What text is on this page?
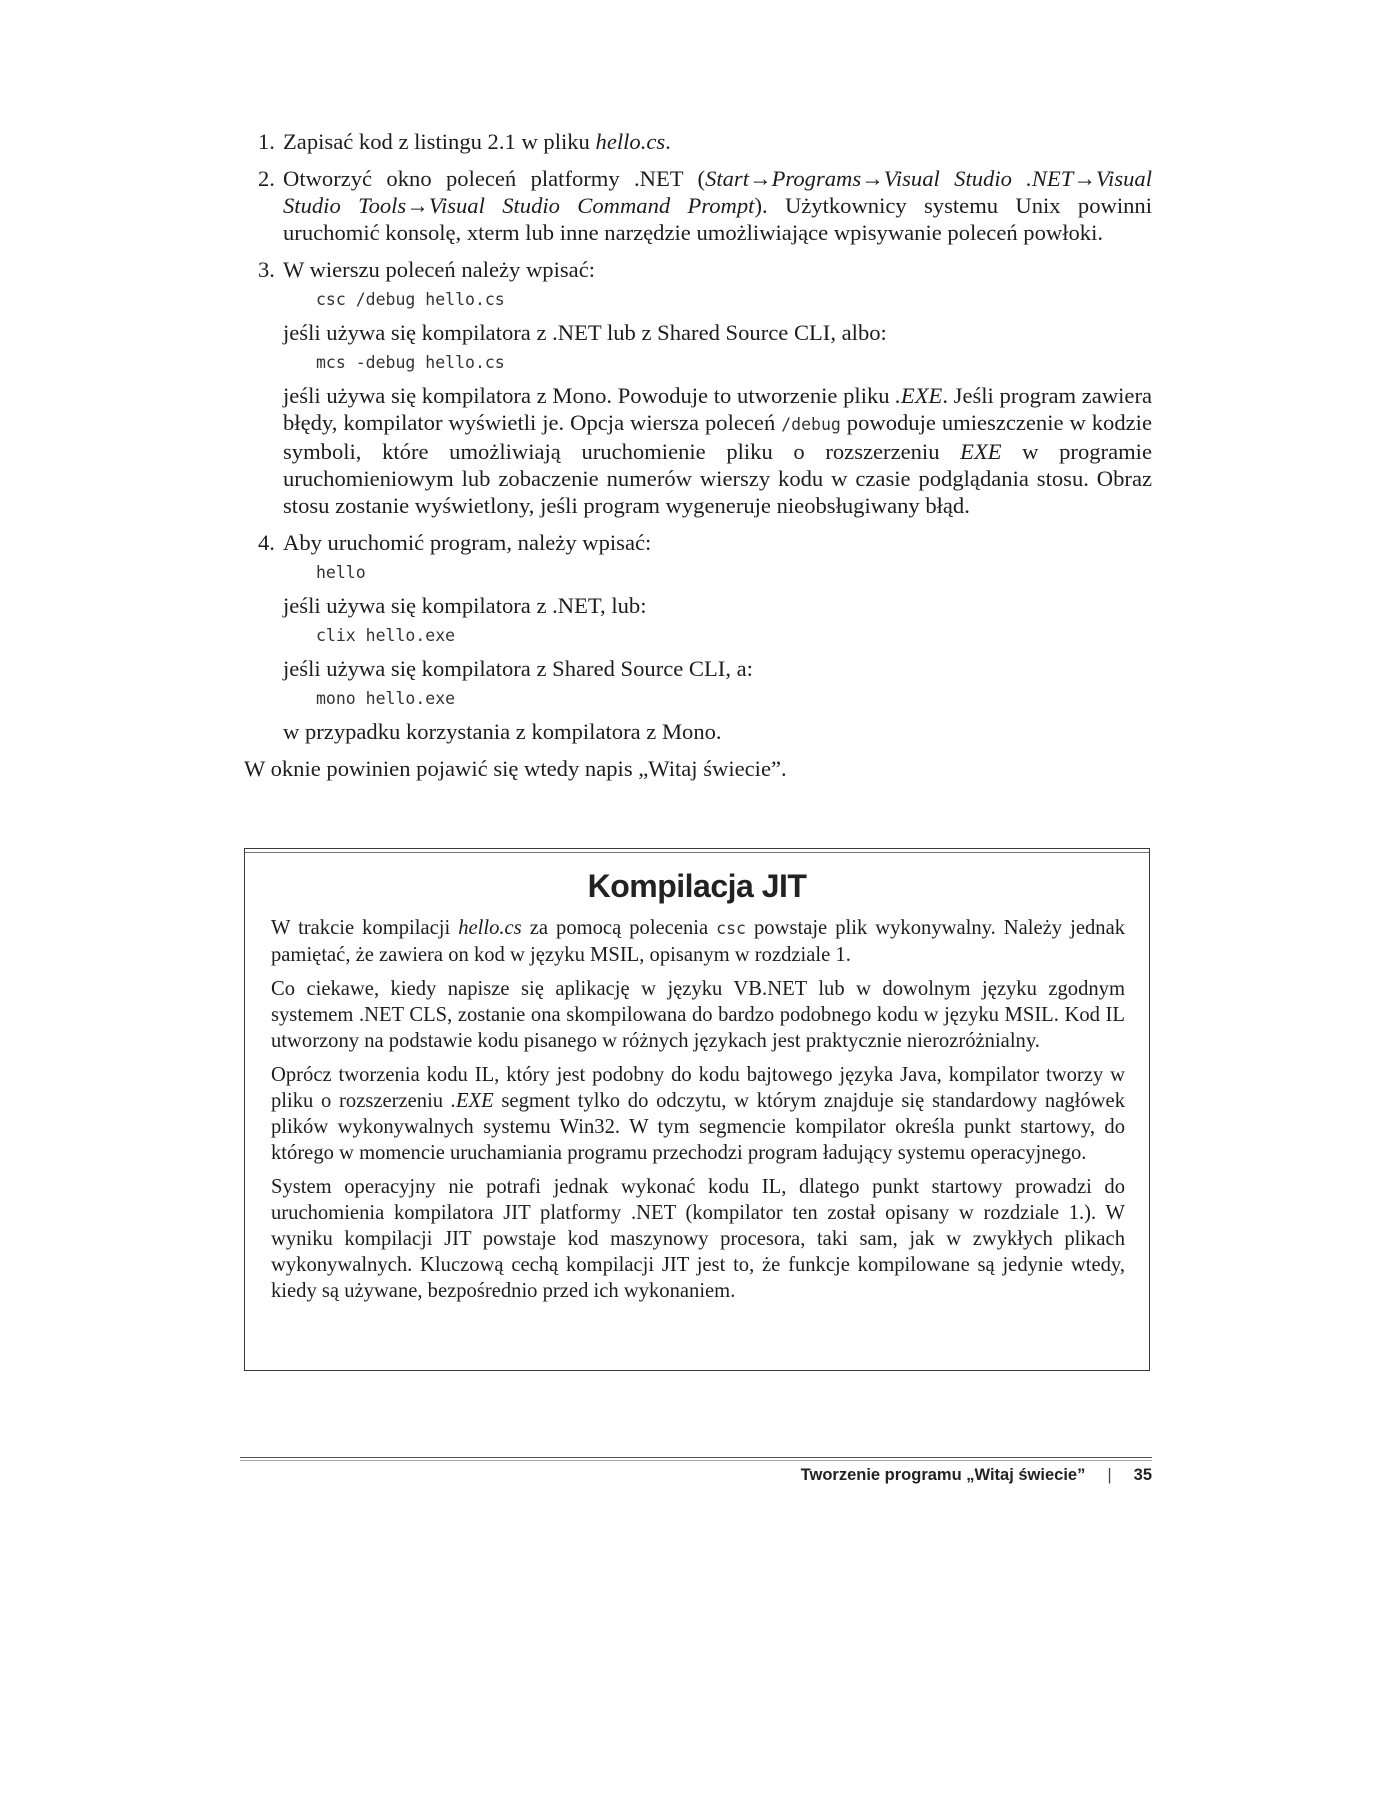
1. Zapisać kod z listingu 2.1 w pliku hello.cs.

2. Otworzyć okno poleceń platformy .NET (Start→Programs→Visual Studio .NET→Visual Studio Tools→Visual Studio Command Prompt). Użytkownicy systemu Unix powinni uruchomić konsolę, xterm lub inne narzędzie umożliwiające wpisywanie poleceń powłoki.

3. W wierszu poleceń należy wpisać:

csc /debug hello.cs

jeśli używa się kompilatora z .NET lub z Shared Source CLI, albo:

mcs -debug hello.cs

jeśli używa się kompilatora z Mono. Powoduje to utworzenie pliku .EXE. Jeśli program zawiera błędy, kompilator wyświetli je. Opcja wiersza poleceń /debug powoduje umieszczenie w kodzie symboli, które umożliwiają uruchomienie pliku o rozszerzeniu EXE w programie uruchomieniowym lub zobaczenie numerów wierszy kodu w czasie podglądania stosu. Obraz stosu zostanie wyświetlony, jeśli program wygeneruje nieobsługiwany błąd.

4. Aby uruchomić program, należy wpisać:

hello

jeśli używa się kompilatora z .NET, lub:

clix hello.exe

jeśli używa się kompilatora z Shared Source CLI, a:

mono hello.exe

w przypadku korzystania z kompilatora z Mono.

W oknie powinien pojawić się wtedy napis „Witaj świecie”.

Kompilacja JIT

W trakcie kompilacji hello.cs za pomocą polecenia csc powstaje plik wykonywalny. Należy jednak pamiętać, że zawiera on kod w języku MSIL, opisanym w rozdziale 1.

Co ciekawe, kiedy napisze się aplikację w języku VB.NET lub w dowolnym języku zgodnym systemem .NET CLS, zostanie ona skompilowana do bardzo podobnego kodu w języku MSIL. Kod IL utworzony na podstawie kodu pisanego w różnych językach jest praktycznie nierozróżnialny.

Oprócz tworzenia kodu IL, który jest podobny do kodu bajtowego języka Java, kompilator tworzy w pliku o rozszerzeniu .EXE segment tylko do odczytu, w którym znajduje się standardowy nagłówek plików wykonywalnych systemu Win32. W tym segmencie kompilator określa punkt startowy, do którego w momencie uruchamiania programu przechodzi program ładujący systemu operacyjnego.

System operacyjny nie potrafi jednak wykonać kodu IL, dlatego punkt startowy prowadzi do uruchomienia kompilatora JIT platformy .NET (kompilator ten został opisany w rozdziale 1.). W wyniku kompilacji JIT powstaje kod maszynowy procesora, taki sam, jak w zwykłych plikach wykonywalnych. Kluczową cechą kompilacji JIT jest to, że funkcje kompilowane są jedynie wtedy, kiedy są używane, bezpośrednio przed ich wykonaniem.

Tworzenie programu „Witaj świecie” | 35
